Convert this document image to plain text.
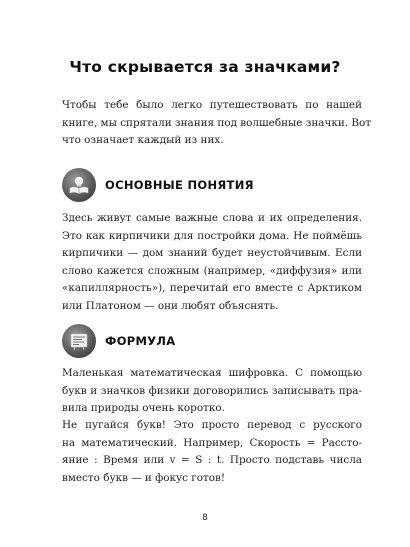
Что скрывается за значками?
Чтобы тебе было легко путешествовать по нашей
книге, мы спрятали знания под волшебные значки. Вот
что означает каждый из них.
ОСНОВНЫЕ ПОНЯТИЯ
Здесь живут самые важные слова и их определения.
Это как кирпичики для постройки дома. Не поймёшь
кирпичики — дом знаний будет неустойчивым. Если
слово кажется сложным (например, «диффузия» или
«капиллярность»), перечитай его вместе с Арктиком
или Платоном — они любят объяснять.
ФОРМУЛА
Маленькая математическая шифровка. С помощью
букв и значков физики договорились записывать пра-
вила природы очень коротко.
Не пугайся букв! Это просто перевод с русского
на математический. Например, Скорость = Рассто-
яние : Время или v = S : t. Просто подставь числа
вместо букв — и фокус готов!
8
